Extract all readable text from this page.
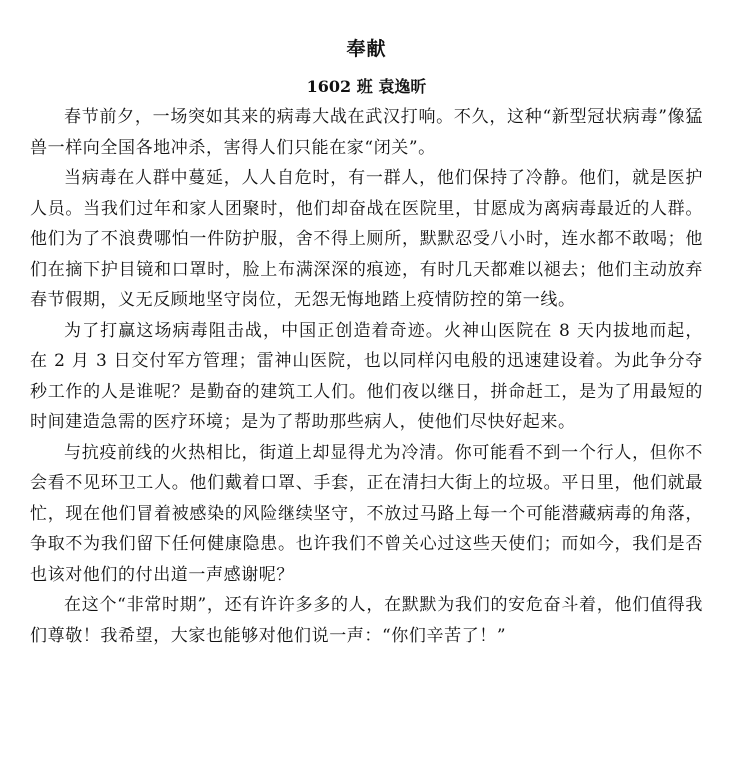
奉献
1602 班 袁逸昕

春节前夕，一场突如其来的病毒大战在武汉打响。不久，这种“新型冠状病毒”像猛兽一样向全国各地冲杀，害得人们只能在家“闭关”。

当病毒在人群中蔓延，人人自危时，有一群人，他们保持了冷静。他们，就是医护人员。当我们过年和家人团聚时，他们却奋战在医院里，甘愿成为离病毒最近的人群。他们为了不浪费哪怕一件防护服，舍不得上厕所，默默忍受八小时，连水都不敢喝；他们在摘下护目镜和口罩时，脸上布满深深的痕迹，有时几天都难以褪去；他们主动放弃春节假期，义无反顾地坚守岗位，无怨无悔地踏上疫情防控的第一线。

为了打赢这场病毒阻击战，中国正创造着奇迹。火神山医院在 8 天内拔地而起，在 2 月 3 日交付军方管理；雷神山医院，也以同样闪电般的迅速建设着。为此争分夺秒工作的人是谁呢？是勤奋的建筑工人们。他们夜以继日，拼命赶工，是为了用最短的时间建造急需的医疗环境；是为了帮助那些病人，使他们尽快好起来。

与抗疫前线的火热相比，街道上却显得尤为冷清。你可能看不到一个行人，但你不会看不见环卫工人。他们戴着口罩、手套，正在清扫大街上的垃圾。平日里，他们就最忙，现在他们冒着被感染的风险继续坚守，不放过马路上每一个可能潜藏病毒的角落，争取不为我们留下任何健康隐患。也许我们不曾关心过这些天使们；而如今，我们是否也该对他们的付出道一声感谢呢？

在这个“非常时期”，还有许许多多的人，在默默为我们的安危奋斗着，他们值得我们尊敬！我希望，大家也能够对他们说一声：“你们辛苦了！”
